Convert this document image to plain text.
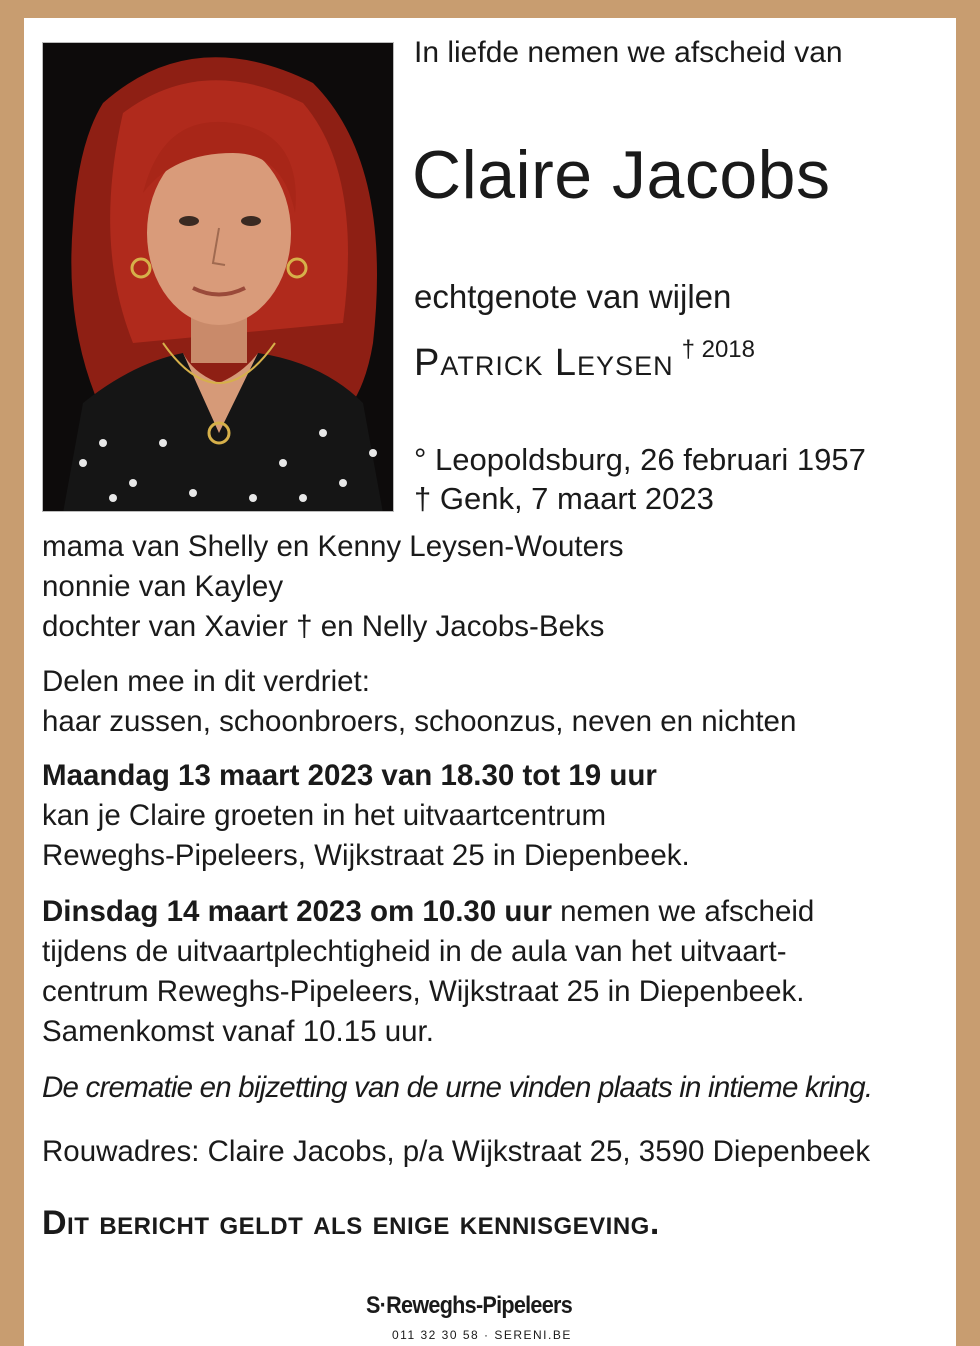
In liefde nemen we afscheid van

Claire Jacobs

echtgenote van wijlen

Patrick Leysen $^{\dagger 2018}$

° Leopoldsburg, 26 februari 1957

† Genk, 7 maart 2023

mama van Shelly en Kenny Leysen-Wouters

nonnie van Kayley

dochter van Xavier † en Nelly Jacobs-Beks

Delen mee in dit verdriet:

haar zussen, schoonbroers, schoonzus, neven en nichten

Maandag 13 maart 2023 van 18.30 tot 19 uur

kan je Claire groeten in het uitvaartcentrum

Reweghs-Pipeleers, Wijkstraat 25 in Diepenbeek.

Dinsdag 14 maart 2023 om 10.30 uur nemen we afscheid

tijdens de uitvaartplechtigheid in de aula van het uitvaart-

centrum Reweghs-Pipeleers, Wijkstraat 25 in Diepenbeek.

Samenkomst vanaf 10.15 uur.

De crematie en bijzetting van de urne vinden plaats in intieme kring.

Rouwadres: Claire Jacobs, p/a Wijkstraat 25, 3590 Diepenbeek

Dit bericht geldt als enige kennisgeving.

S·Reweghs-Pipeleers

011 32 30 58 · SERENI.BE
